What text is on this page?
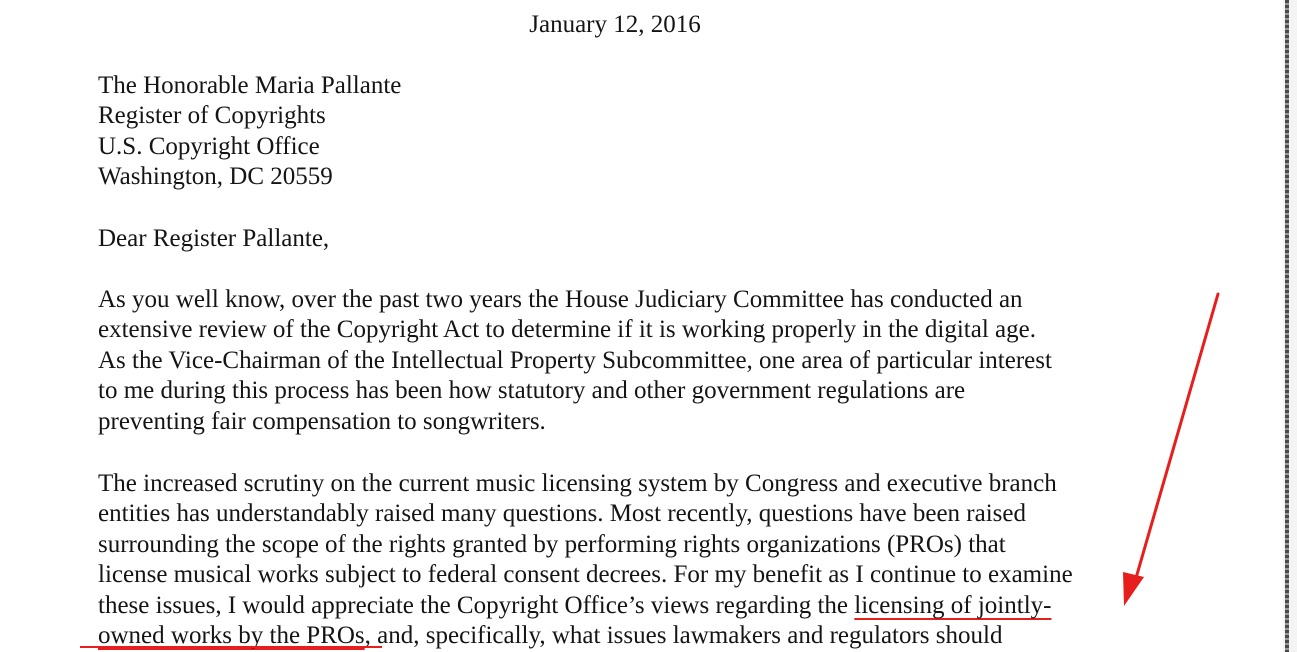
January 12, 2016
The Honorable Maria Pallante
Register of Copyrights
U.S. Copyright Office
Washington, DC 20559
Dear Register Pallante,
As you well know, over the past two years the House Judiciary Committee has conducted an
extensive review of the Copyright Act to determine if it is working properly in the digital age.
As the Vice-Chairman of the Intellectual Property Subcommittee, one area of particular interest
to me during this process has been how statutory and other government regulations are
preventing fair compensation to songwriters.
The increased scrutiny on the current music licensing system by Congress and executive branch
entities has understandably raised many questions. Most recently, questions have been raised
surrounding the scope of the rights granted by performing rights organizations (PROs) that
license musical works subject to federal consent decrees. For my benefit as I continue to examine
these issues, I would appreciate the Copyright Office’s views regarding the licensing of jointly-
owned works by the PROs, and, specifically, what issues lawmakers and regulators should
